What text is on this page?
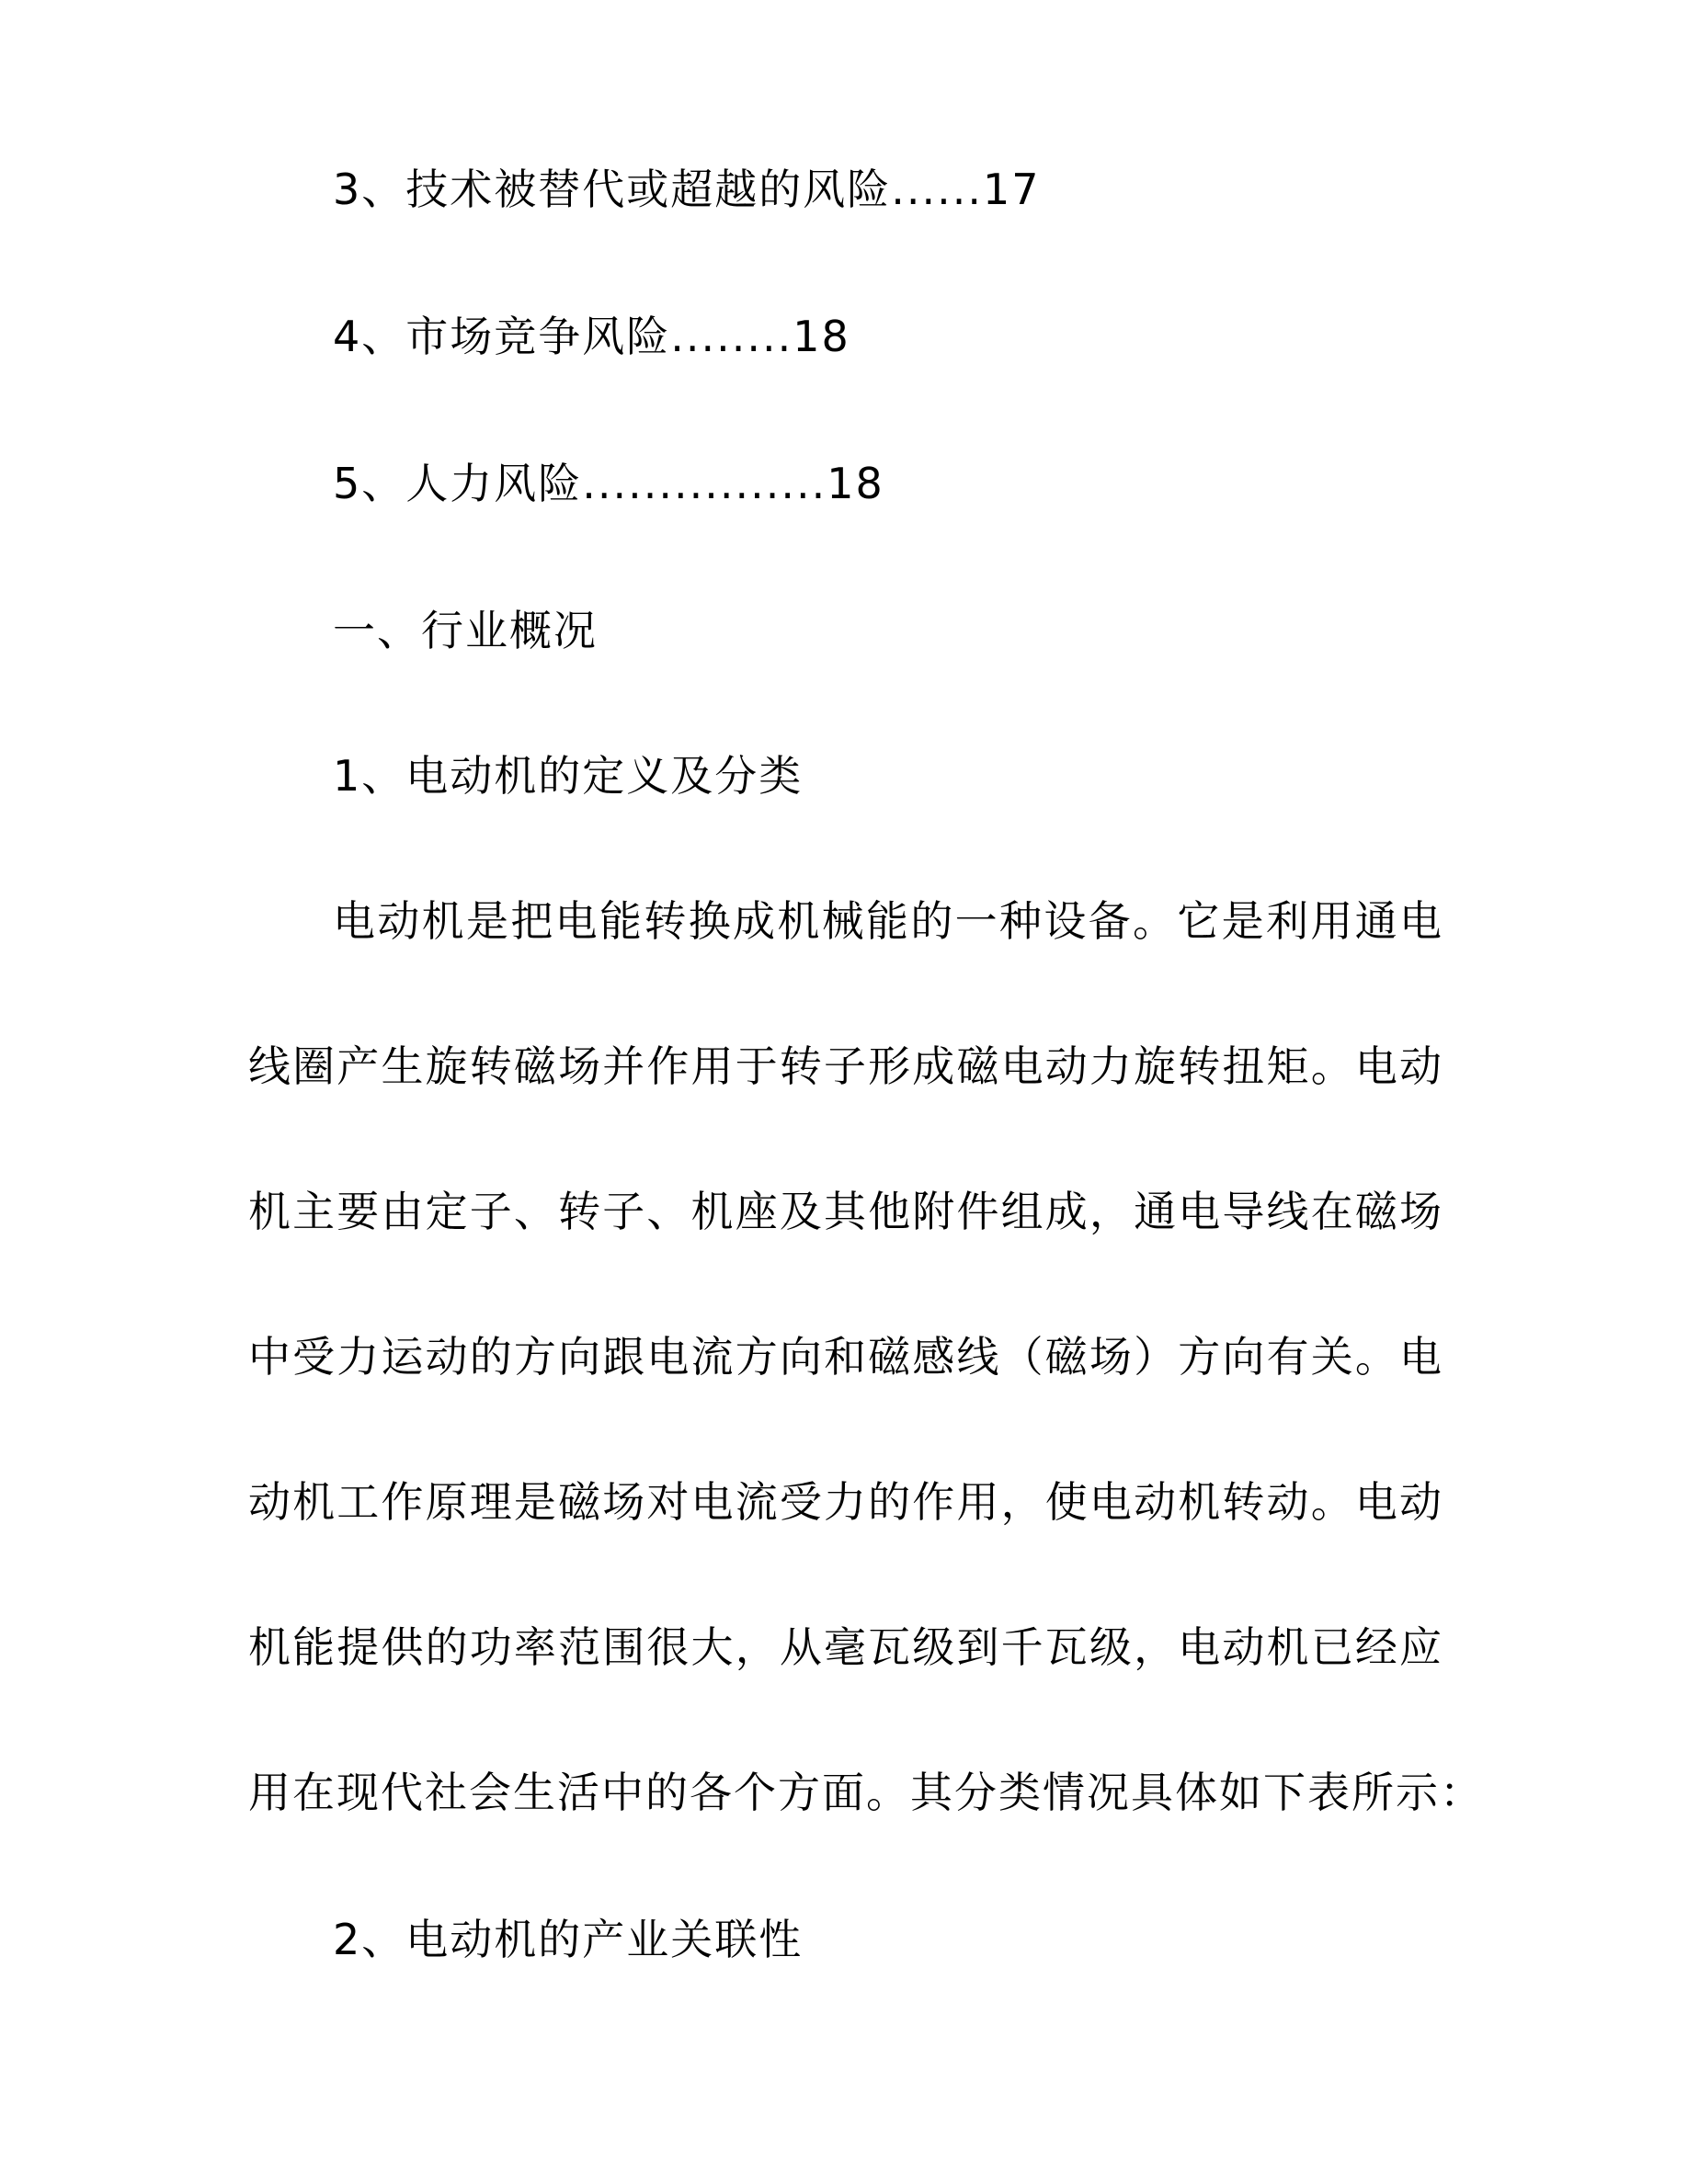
3、技术被替代或超越的风险......17
4、市场竞争风险........18
5、人力风险................18
一、行业概况
1、电动机的定义及分类
电动机是把电能转换成机械能的一种设备。它是利用通电
线圈产生旋转磁场并作用于转子形成磁电动力旋转扭矩。电动
机主要由定子、转子、机座及其他附件组成，通电导线在磁场
中受力运动的方向跟电流方向和磁感线（磁场）方向有关。电
动机工作原理是磁场对电流受力的作用，使电动机转动。电动
机能提供的功率范围很大，从毫瓦级到千瓦级，电动机已经应
用在现代社会生活中的各个方面。其分类情况具体如下表所示：
2、电动机的产业关联性
